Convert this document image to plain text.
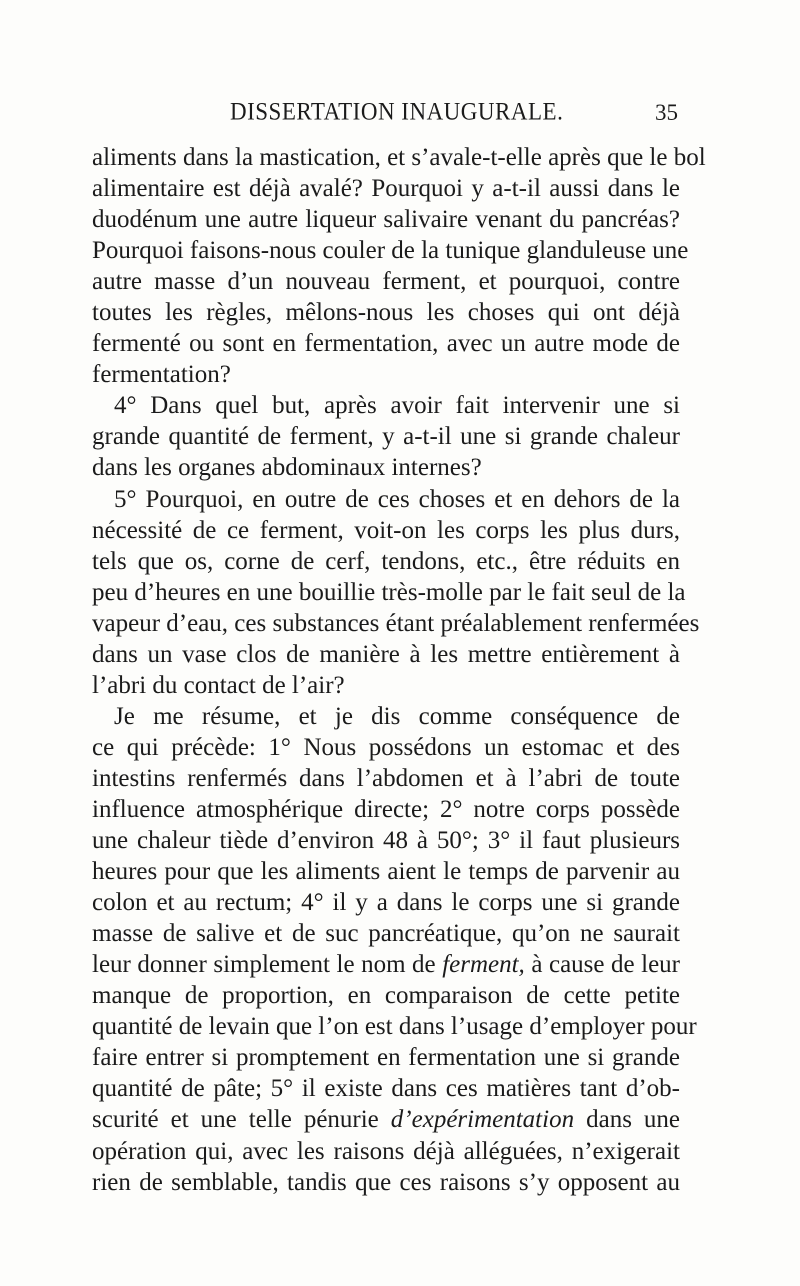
DISSERTATION INAUGURALE.	35
aliments dans la mastication, et s’avale-t-elle après que le bol
alimentaire est déjà avalé? Pourquoi y a-t-il aussi dans le
duodénum une autre liqueur salivaire venant du pancréas?
Pourquoi faisons-nous couler de la tunique glanduleuse une
autre masse d’un nouveau ferment, et pourquoi, contre
toutes les règles, mêlons-nous les choses qui ont déjà
fermenté ou sont en fermentation, avec un autre mode de
fermentation?
4° Dans quel but, après avoir fait intervenir une si
grande quantité de ferment, y a-t-il une si grande chaleur
dans les organes abdominaux internes?
5° Pourquoi, en outre de ces choses et en dehors de la
nécessité de ce ferment, voit-on les corps les plus durs,
tels que os, corne de cerf, tendons, etc., être réduits en
peu d’heures en une bouillie très-molle par le fait seul de la
vapeur d’eau, ces substances étant préalablement renfermées
dans un vase clos de manière à les mettre entièrement à
l’abri du contact de l’air?
Je me résume, et je dis comme conséquence de
ce qui précède: 1° Nous possédons un estomac et des
intestins renfermés dans l’abdomen et à l’abri de toute
influence atmosphérique directe; 2° notre corps possède
une chaleur tiède d’environ 48 à 50°; 3° il faut plusieurs
heures pour que les aliments aient le temps de parvenir au
colon et au rectum; 4° il y a dans le corps une si grande
masse de salive et de suc pancréatique, qu’on ne saurait
leur donner simplement le nom de ferment, à cause de leur
manque de proportion, en comparaison de cette petite
quantité de levain que l’on est dans l’usage d’employer pour
faire entrer si promptement en fermentation une si grande
quantité de pâte; 5° il existe dans ces matières tant d’ob-
scurité et une telle pénurie d’expérimentation dans une
opération qui, avec les raisons déjà alléguées, n’exigerait
rien de semblable, tandis que ces raisons s’y opposent au
